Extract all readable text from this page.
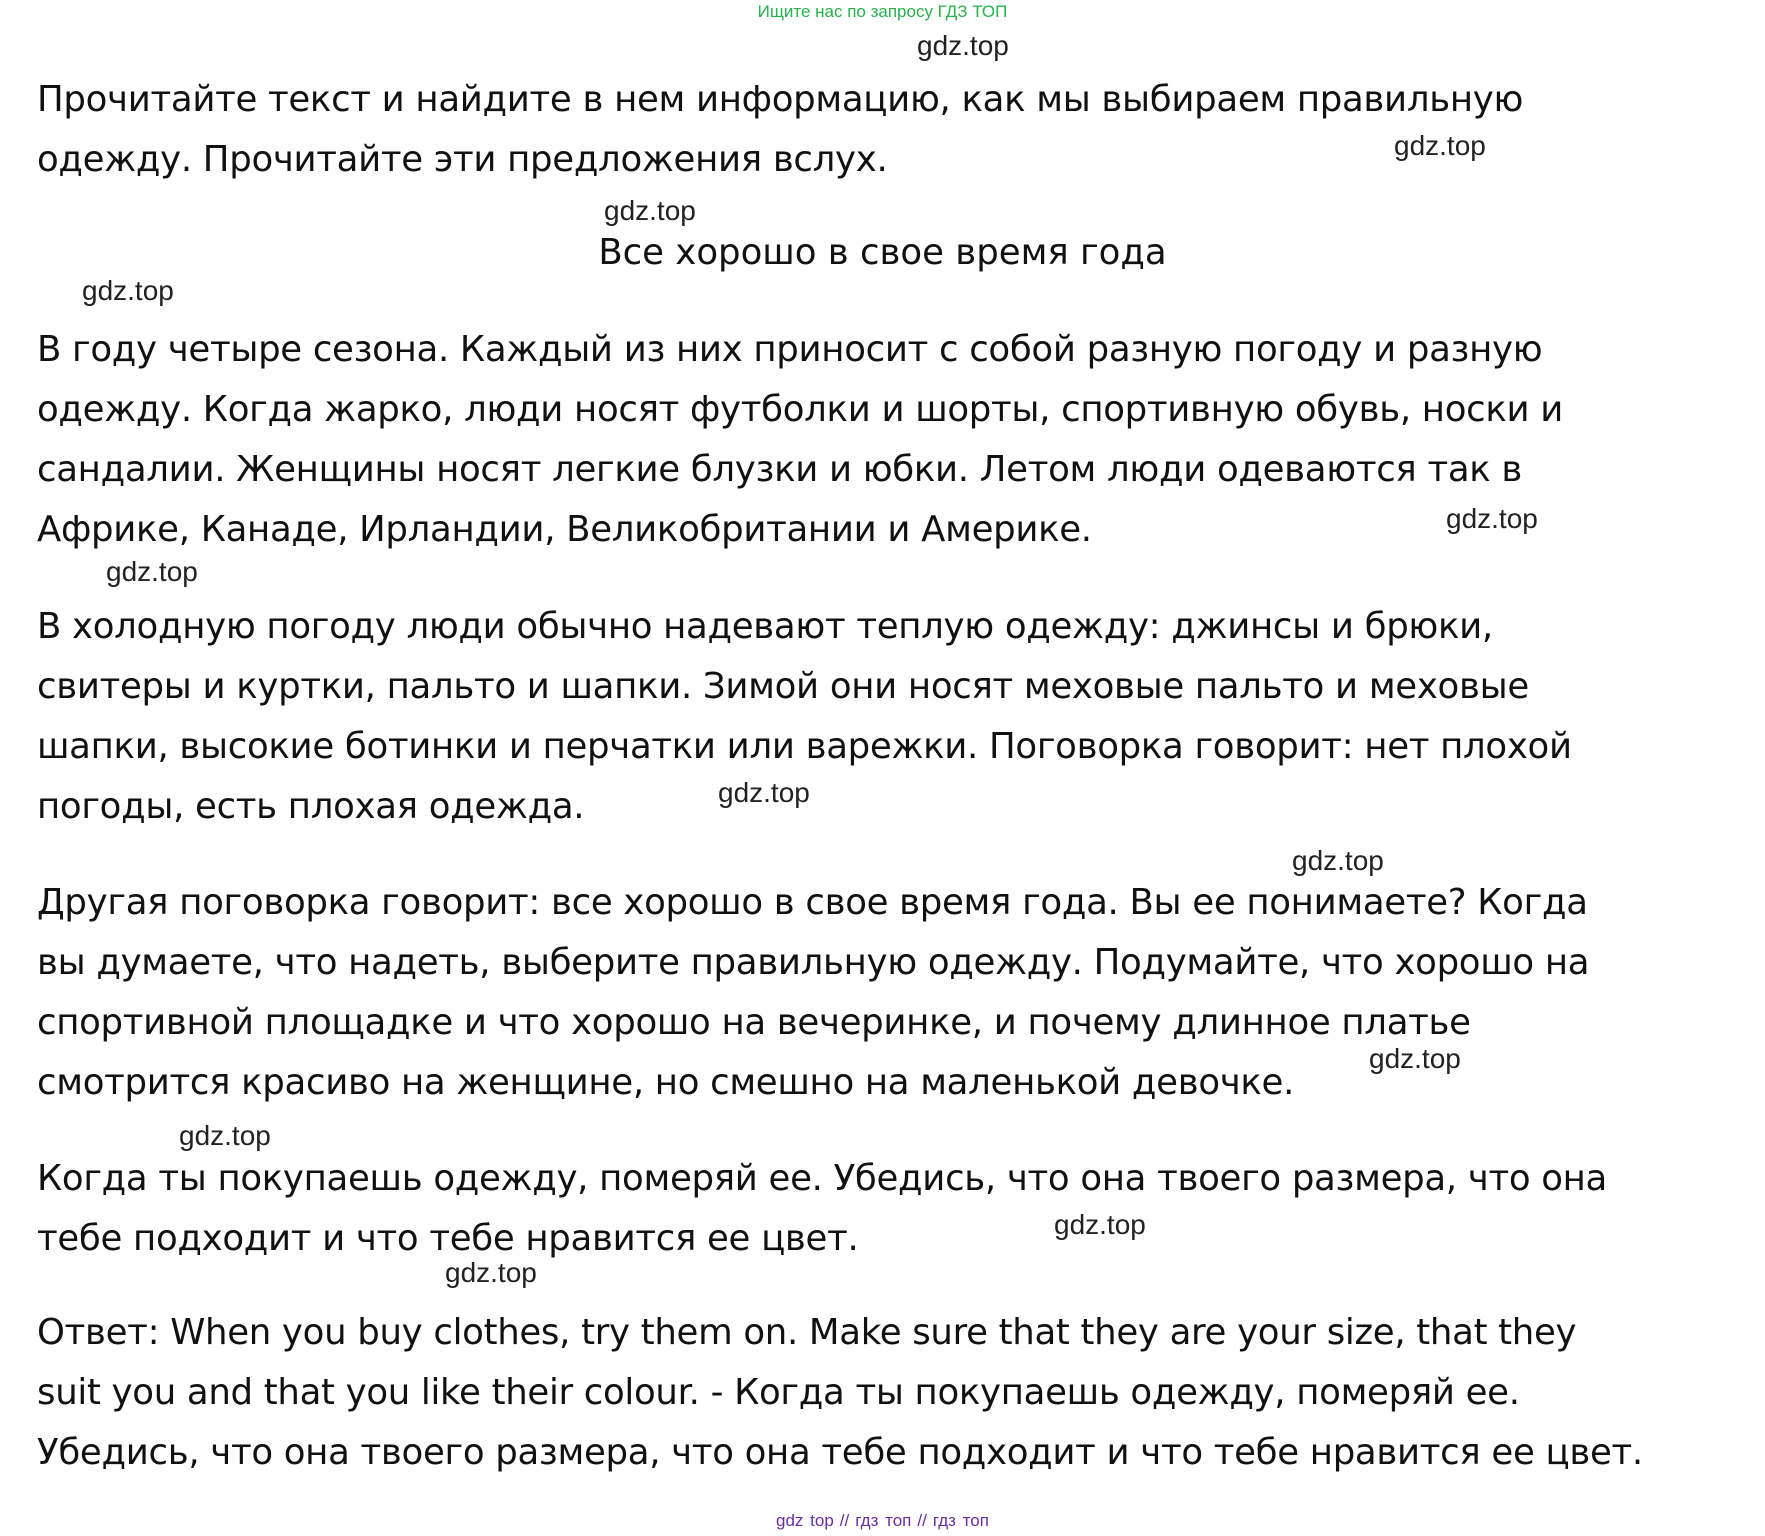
Ищите нас по запросу ГДЗ ТОП
gdz.top
gdz.top
gdz.top
gdz.top
gdz.top
gdz.top
gdz.top
gdz.top
gdz.top
gdz.top
gdz.top
gdz.top
Прочитайте текст и найдите в нем информацию, как мы выбираем правильную
одежду. Прочитайте эти предложения вслух.
Все хорошо в свое время года
В году четыре сезона. Каждый из них приносит с собой разную погоду и разную
одежду. Когда жарко, люди носят футболки и шорты, спортивную обувь, носки и
сандалии. Женщины носят легкие блузки и юбки. Летом люди одеваются так в
Африке, Канаде, Ирландии, Великобритании и Америке.
В холодную погоду люди обычно надевают теплую одежду: джинсы и брюки,
свитеры и куртки, пальто и шапки. Зимой они носят меховые пальто и меховые
шапки, высокие ботинки и перчатки или варежки. Поговорка говорит: нет плохой
погоды, есть плохая одежда.
Другая поговорка говорит: все хорошо в свое время года. Вы ее понимаете? Когда
вы думаете, что надеть, выберите правильную одежду. Подумайте, что хорошо на
спортивной площадке и что хорошо на вечеринке, и почему длинное платье
смотрится красиво на женщине, но смешно на маленькой девочке.
Когда ты покупаешь одежду, померяй ее. Убедись, что она твоего размера, что она
тебе подходит и что тебе нравится ее цвет.
Ответ: When you buy clothes, try them on. Make sure that they are your size, that they
suit you and that you like their colour. - Когда ты покупаешь одежду, померяй ее.
Убедись, что она твоего размера, что она тебе подходит и что тебе нравится ее цвет.
gdz top // гдз топ // гдз топ
